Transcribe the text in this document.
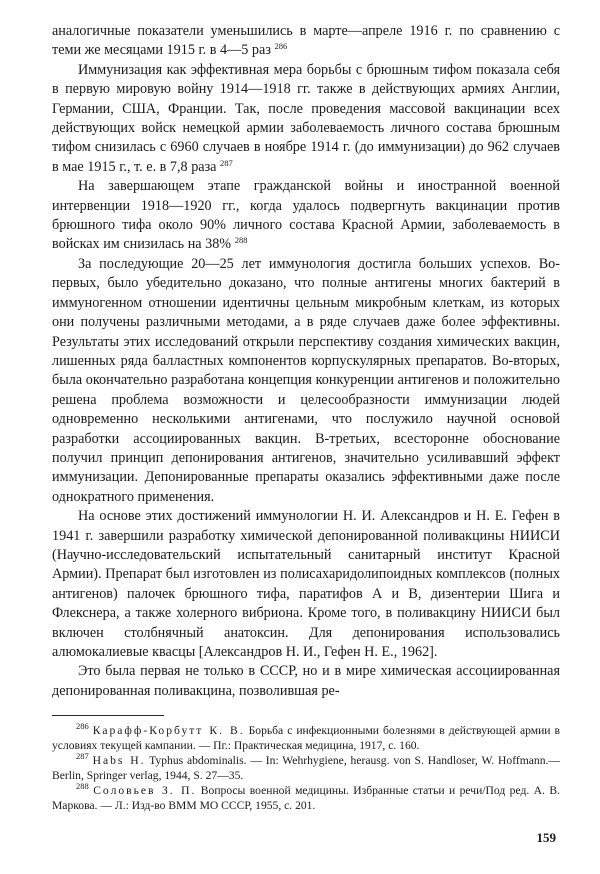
аналогичные показатели уменьшились в марте—апреле 1916 г. по сравнению с теми же месяцами 1915 г. в 4—5 раз $^{286}$

Иммунизация как эффективная мера борьбы с брюшным тифом показала себя в первую мировую войну 1914—1918 гг. также в действующих армиях Англии, Германии, США, Франции. Так, после проведения массовой вакцинации всех действующих войск немецкой армии заболеваемость личного состава брюшным тифом снизилась с 6960 случаев в ноябре 1914 г. (до иммунизации) до 962 случаев в мае 1915 г., т. е. в 7,8 раза $^{287}$

На завершающем этапе гражданской войны и иностранной военной интервенции 1918—1920 гг., когда удалось подвергнуть вакцинации против брюшного тифа около 90% личного состава Красной Армии, заболеваемость в войсках им снизилась на 38% $^{288}$

За последующие 20—25 лет иммунология достигла больших успехов. Во-первых, было убедительно доказано, что полные антигены многих бактерий в иммуногенном отношении идентичны цельным микробным клеткам, из которых они получены различными методами, а в ряде случаев даже более эффективны. Результаты этих исследований открыли перспективу создания химических вакцин, лишенных ряда балластных компонентов корпускулярных препаратов. Во-вторых, была окончательно разработана концепция конкуренции антигенов и положительно решена проблема возможности и целесообразности иммунизации людей одновременно несколькими антигенами, что послужило научной основой разработки ассоциированных вакцин. В-третьих, всесторонне обоснование получил принцип депонирования антигенов, значительно усиливавший эффект иммунизации. Депонированные препараты оказались эффективными даже после однократного применения.

На основе этих достижений иммунологии Н. И. Александров и Н. Е. Гефен в 1941 г. завершили разработку химической депонированной поливакцины НИИСИ (Научно-исследовательский испытательный санитарный институт Красной Армии). Препарат был изготовлен из полисахаридолипоидных комплексов (полных антигенов) палочек брюшного тифа, паратифов А и В, дизентерии Шига и Флекснера, а также холерного вибриона. Кроме того, в поливакцину НИИСИ был включен столбнячный анатоксин. Для депонирования использовались алюмокалиевые квасцы [Александров Н. И., Гефен Н. Е., 1962].

Это была первая не только в СССР, но и в мире химическая ассоциированная депонированная поливакцина, позволившая ре-

$^{286}$ Карафф-Корбутт К. В. Борьба с инфекционными болезнями в действующей армии в условиях текущей кампании. — Пг.: Практическая медицина, 1917, с. 160.

$^{287}$ Habs H. Typhus abdominalis. — In: Wehrhygiene, herausg. von S. Handloser, W. Hoffmann.—Berlin, Springer verlag, 1944, S. 27—35.

$^{288}$ Соловьев З. П. Вопросы военной медицины. Избранные статьи и речи/Под ред. А. В. Маркова. — Л.: Изд-во ВММ МО СССР, 1955, с. 201.

159
